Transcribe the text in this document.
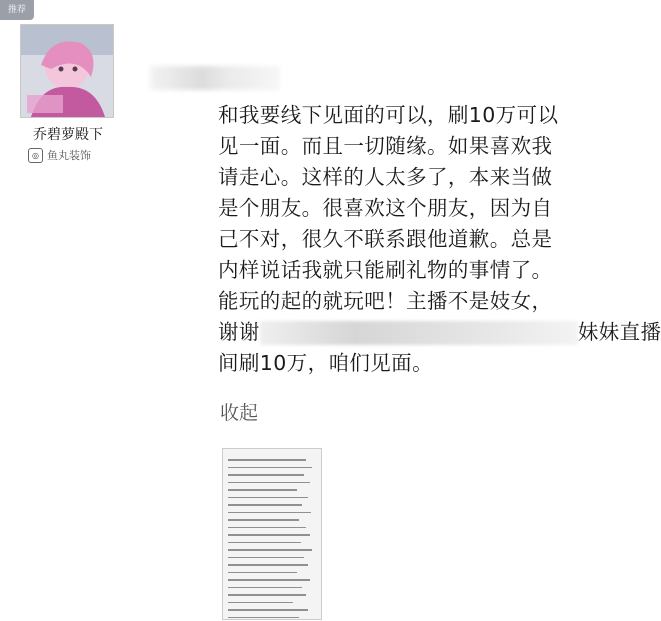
推荐
乔碧萝殿下
◎ 鱼丸装饰
和我要线下见面的可以，刷10万可以
见一面。而且一切随缘。如果喜欢我
请走心。这样的人太多了，本来当做
是个朋友。很喜欢这个朋友，因为自
己不对，很久不联系跟他道歉。总是
内样说话我就只能刷礼物的事情了。
能玩的起的就玩吧！主播不是妓女，
谢谢	妹妹直播
间刷10万，咱们见面。
收起
